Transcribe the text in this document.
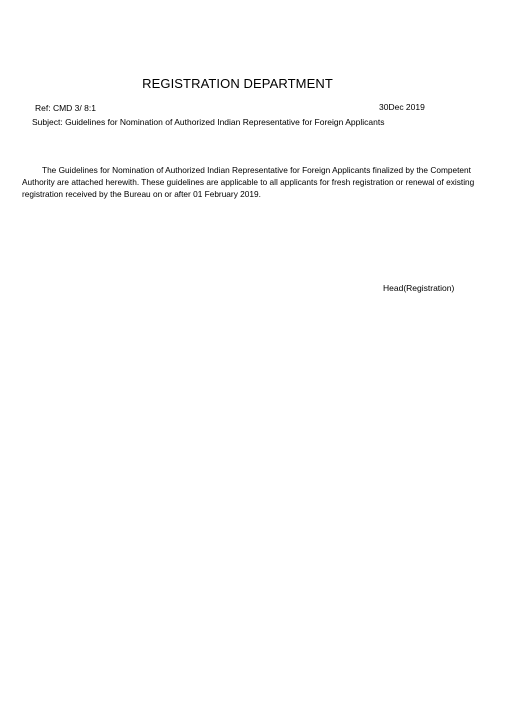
REGISTRATION DEPARTMENT
Ref: CMD 3/ 8:1	30Dec 2019
Subject: Guidelines for Nomination of Authorized Indian Representative for Foreign Applicants
The Guidelines for Nomination of Authorized Indian Representative for Foreign Applicants finalized by the Competent Authority are attached herewith. These guidelines are applicable to all applicants for fresh registration or renewal of existing registration received by the Bureau on or after 01 February 2019.
Head(Registration)
